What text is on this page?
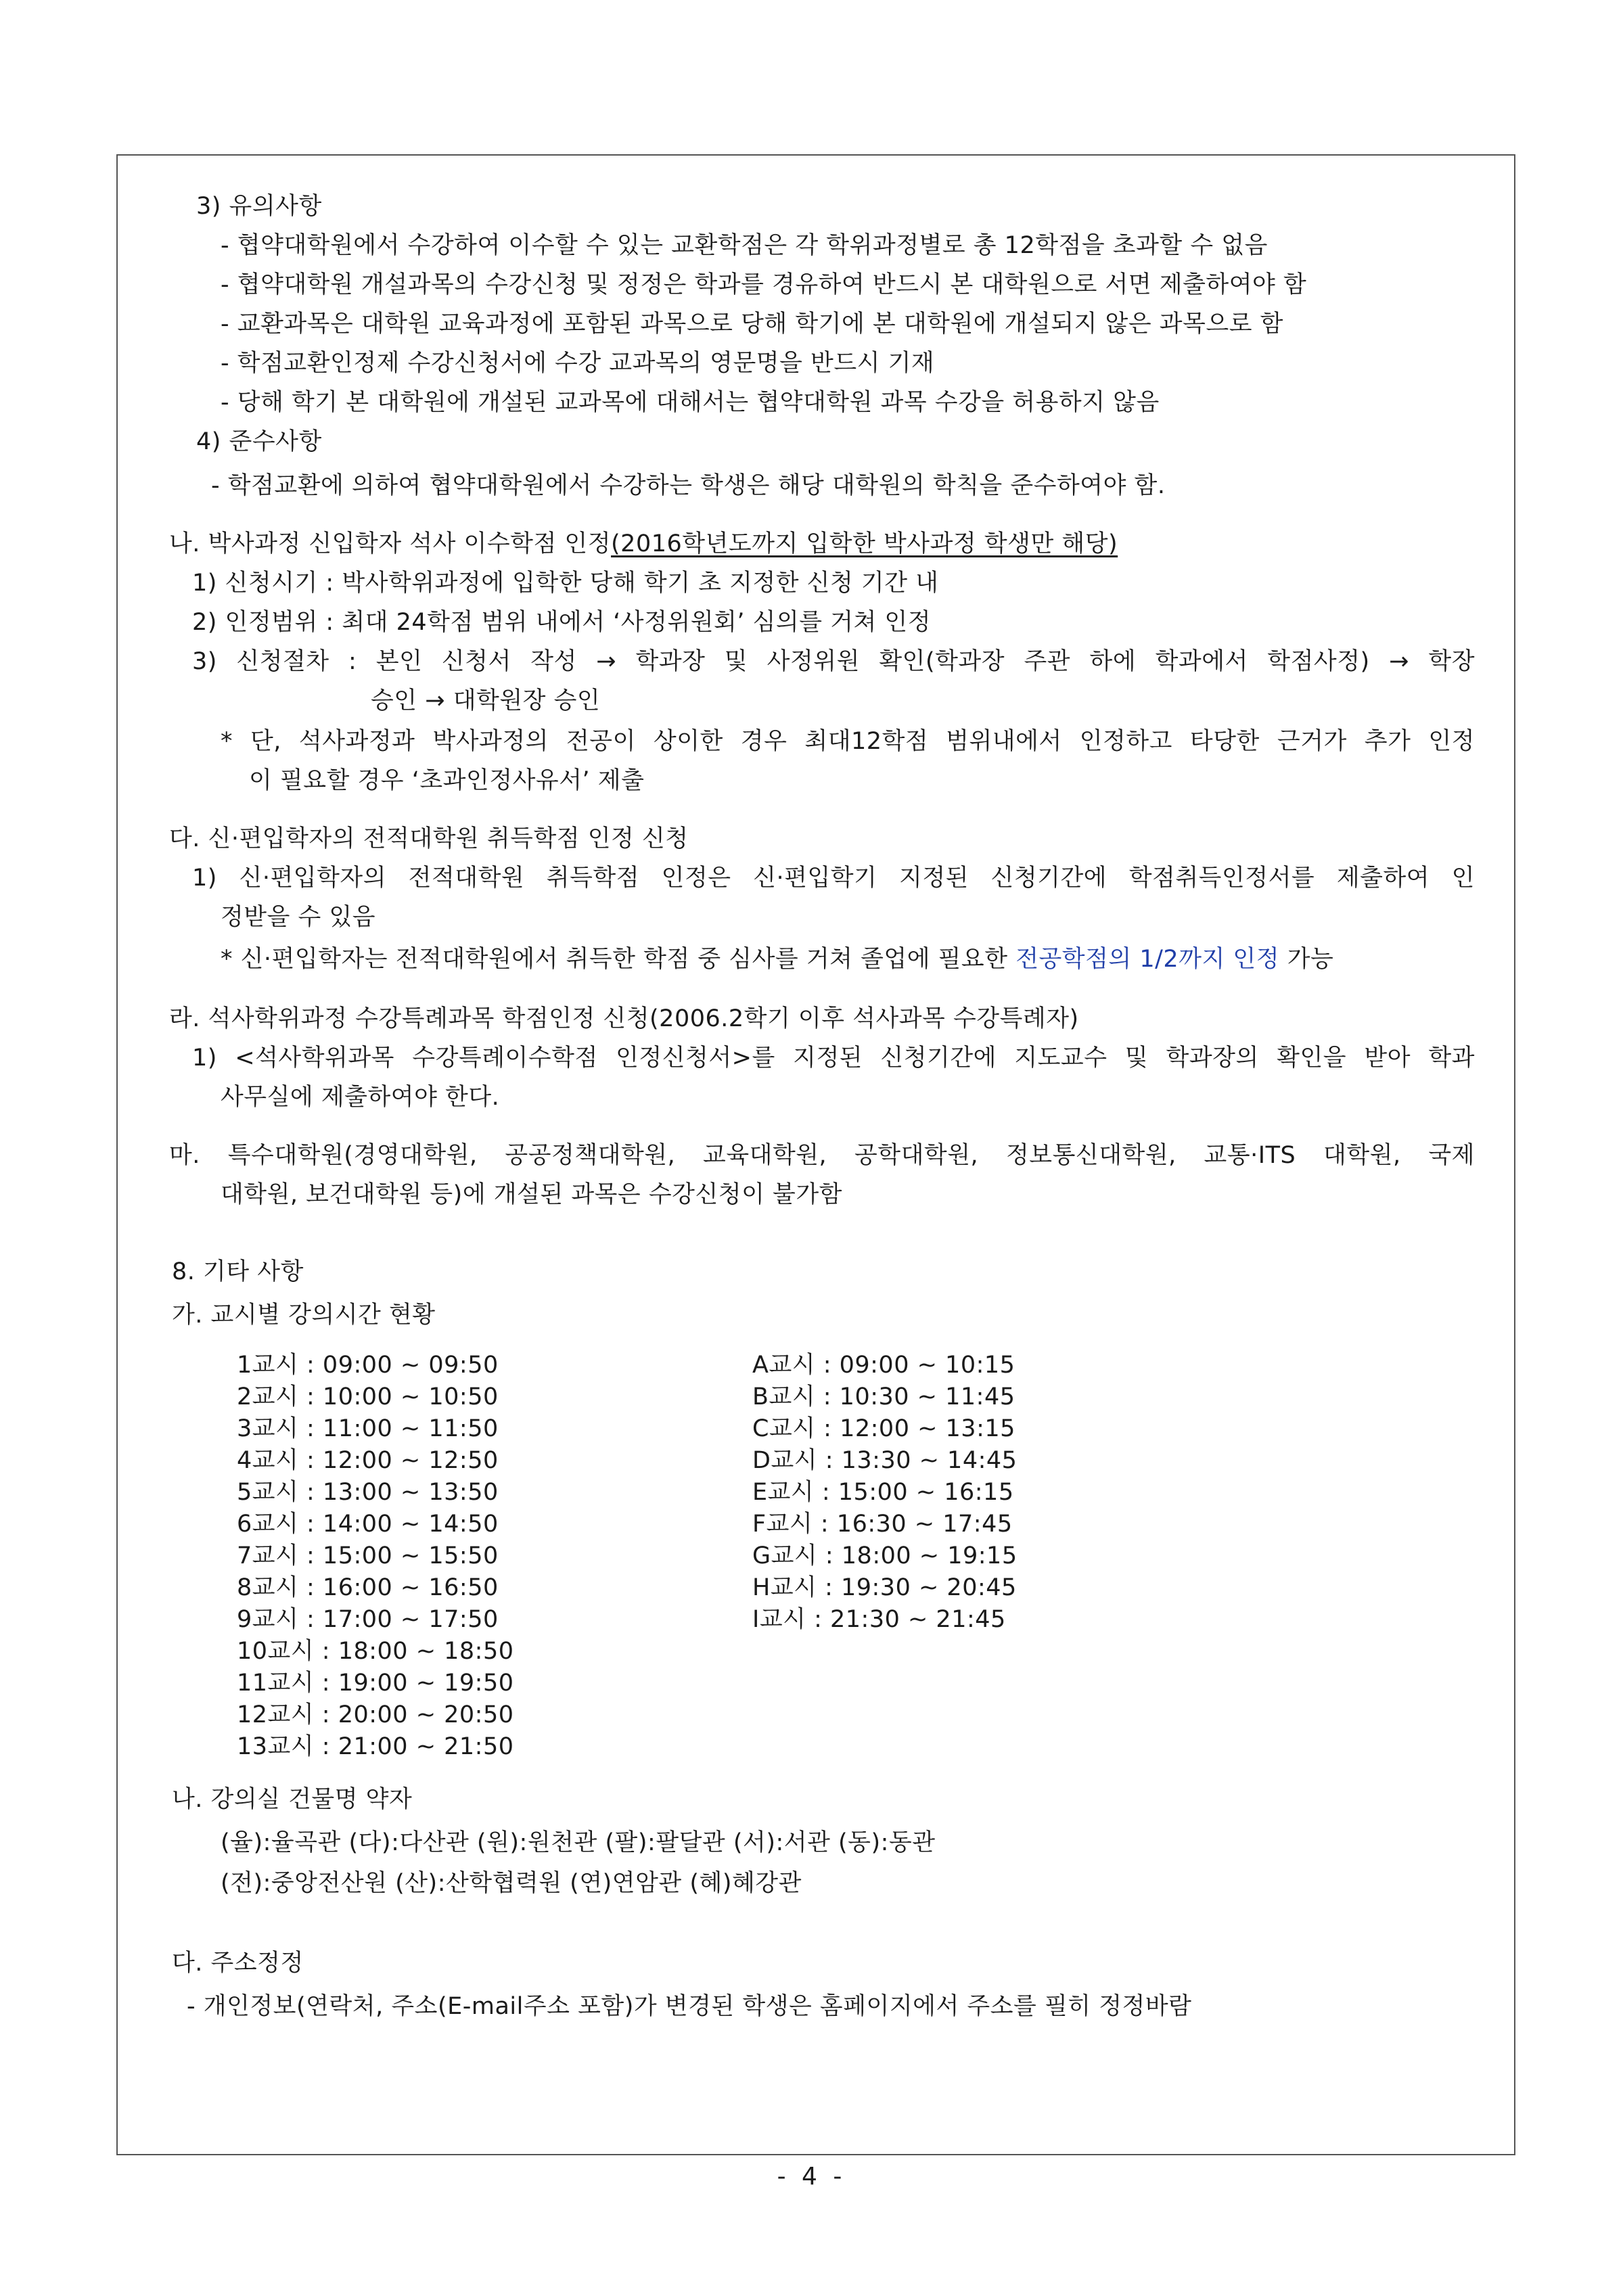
3) 유의사항
- 협약대학원에서 수강하여 이수할 수 있는 교환학점은 각 학위과정별로 총 12학점을 초과할 수 없음
- 협약대학원 개설과목의 수강신청 및 정정은 학과를 경유하여 반드시 본 대학원으로 서면 제출하여야 함
- 교환과목은 대학원 교육과정에 포함된 과목으로 당해 학기에 본 대학원에 개설되지 않은 과목으로 함
- 학점교환인정제 수강신청서에 수강 교과목의 영문명을 반드시 기재
- 당해 학기 본 대학원에 개설된 교과목에 대해서는 협약대학원 과목 수강을 허용하지 않음
4) 준수사항
- 학점교환에 의하여 협약대학원에서 수강하는 학생은 해당 대학원의 학칙을 준수하여야 함.
나. 박사과정 신입학자 석사 이수학점 인정(2016학년도까지 입학한 박사과정 학생만 해당)
1) 신청시기 : 박사학위과정에 입학한 당해 학기 초 지정한 신청 기간 내
2) 인정범위 : 최대 24학점 범위 내에서 ‘사정위원회’ 심의를 거쳐 인정
3) 신청절차 : 본인 신청서 작성 → 학과장 및 사정위원 확인(학과장 주관 하에 학과에서 학점사정) → 학장
승인 → 대학원장 승인
* 단, 석사과정과 박사과정의 전공이 상이한 경우 최대12학점 범위내에서 인정하고 타당한 근거가 추가 인정
이 필요할 경우 ‘초과인정사유서’ 제출
다. 신·편입학자의 전적대학원 취득학점 인정 신청
1) 신·편입학자의 전적대학원 취득학점 인정은 신·편입학기 지정된 신청기간에 학점취득인정서를 제출하여 인
정받을 수 있음
* 신·편입학자는 전적대학원에서 취득한 학점 중 심사를 거쳐 졸업에 필요한 전공학점의 1/2까지 인정 가능
라. 석사학위과정 수강특례과목 학점인정 신청(2006.2학기 이후 석사과목 수강특례자)
1) <석사학위과목 수강특례이수학점 인정신청서>를 지정된 신청기간에 지도교수 및 학과장의 확인을 받아 학과
사무실에 제출하여야 한다.
마. 특수대학원(경영대학원, 공공정책대학원, 교육대학원, 공학대학원, 정보통신대학원, 교통·ITS 대학원, 국제
대학원, 보건대학원 등)에 개설된 과목은 수강신청이 불가함
8. 기타 사항
가. 교시별 강의시간 현황
1교시 : 09:00 ~ 09:50
2교시 : 10:00 ~ 10:50
3교시 : 11:00 ~ 11:50
4교시 : 12:00 ~ 12:50
5교시 : 13:00 ~ 13:50
6교시 : 14:00 ~ 14:50
7교시 : 15:00 ~ 15:50
8교시 : 16:00 ~ 16:50
9교시 : 17:00 ~ 17:50
10교시 : 18:00 ~ 18:50
11교시 : 19:00 ~ 19:50
12교시 : 20:00 ~ 20:50
13교시 : 21:00 ~ 21:50
A교시 : 09:00 ~ 10:15
B교시 : 10:30 ~ 11:45
C교시 : 12:00 ~ 13:15
D교시 : 13:30 ~ 14:45
E교시 : 15:00 ~ 16:15
F교시 : 16:30 ~ 17:45
G교시 : 18:00 ~ 19:15
H교시 : 19:30 ~ 20:45
I교시 : 21:30 ~ 21:45
나. 강의실 건물명 약자
(율):율곡관 (다):다산관 (원):원천관 (팔):팔달관 (서):서관 (동):동관
(전):중앙전산원 (산):산학협력원 (연)연암관 (혜)혜강관
다. 주소정정
- 개인정보(연락처, 주소(E-mail주소 포함)가 변경된 학생은 홈페이지에서 주소를 필히 정정바람
- 4 -
